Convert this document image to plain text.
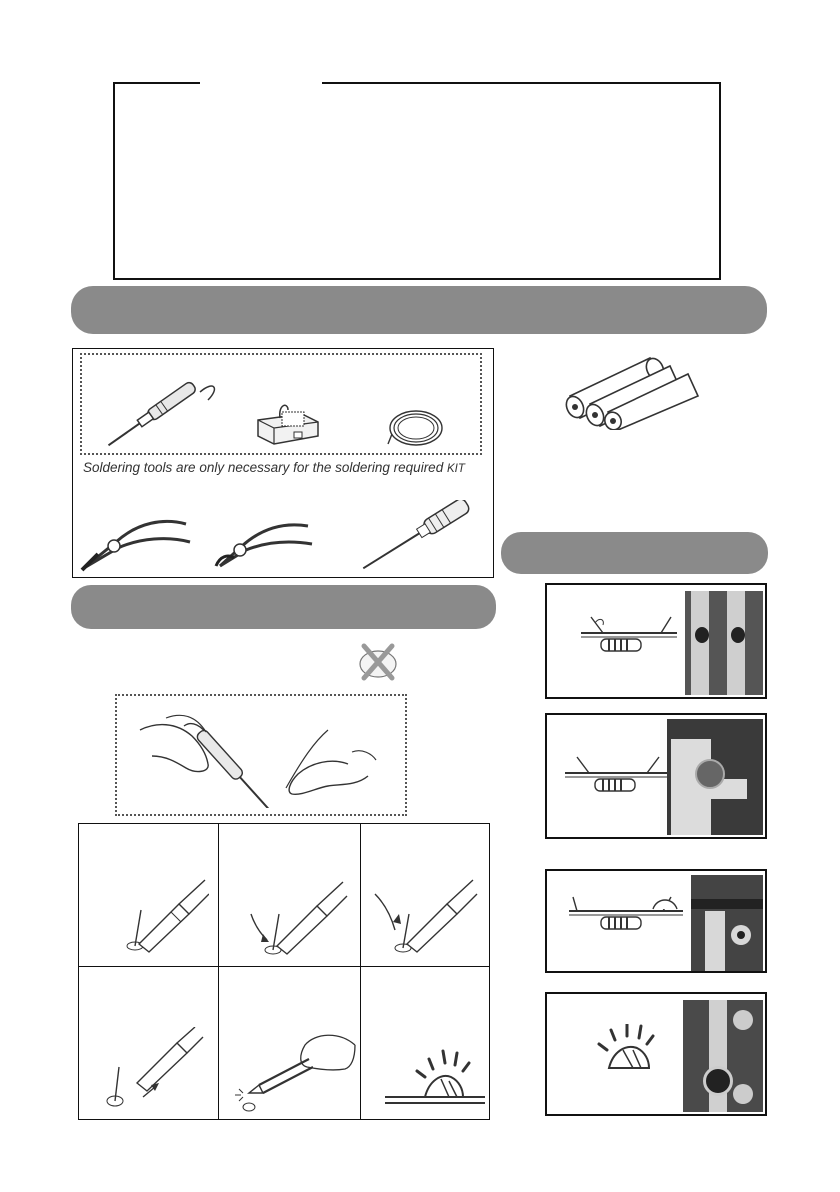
Soldering tools are only necessary for the soldering required KIT
